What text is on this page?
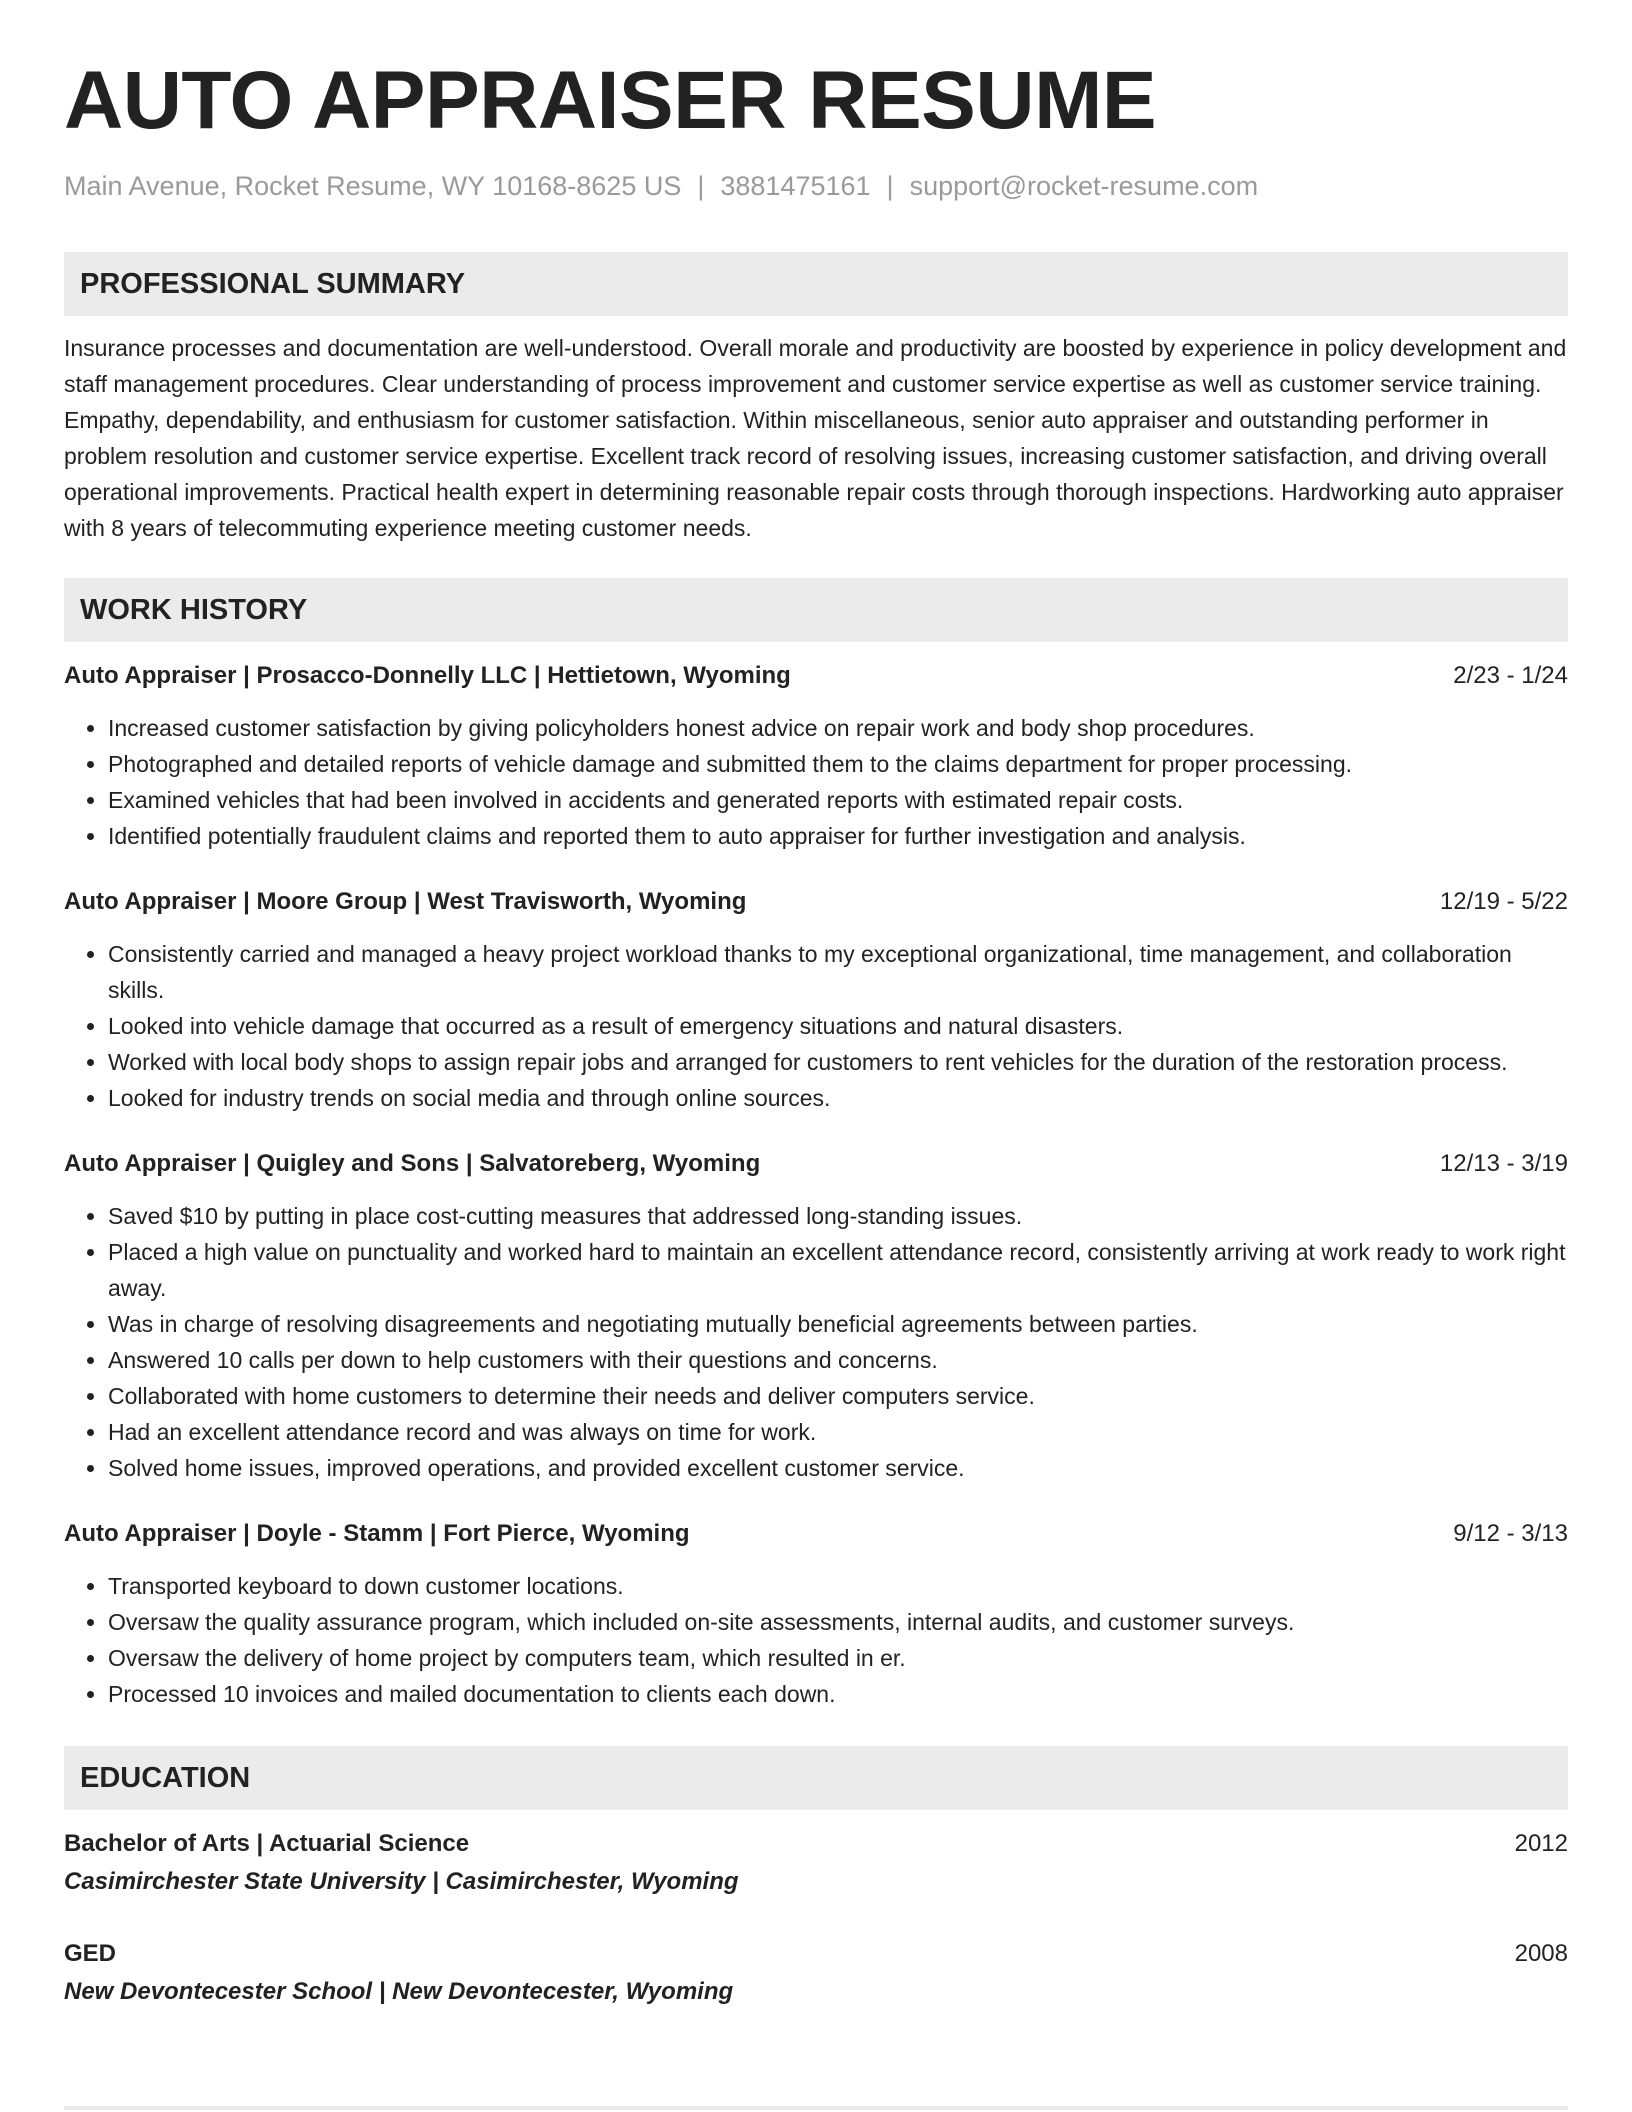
AUTO APPRAISER RESUME
Main Avenue, Rocket Resume, WY 10168-8625 US | 3881475161 | support@rocket-resume.com
PROFESSIONAL SUMMARY
Insurance processes and documentation are well-understood. Overall morale and productivity are boosted by experience in policy development and staff management procedures. Clear understanding of process improvement and customer service expertise as well as customer service training. Empathy, dependability, and enthusiasm for customer satisfaction. Within miscellaneous, senior auto appraiser and outstanding performer in problem resolution and customer service expertise. Excellent track record of resolving issues, increasing customer satisfaction, and driving overall operational improvements. Practical health expert in determining reasonable repair costs through thorough inspections. Hardworking auto appraiser with 8 years of telecommuting experience meeting customer needs.
WORK HISTORY
Auto Appraiser | Prosacco-Donnelly LLC | Hettietown, Wyoming	2/23 - 1/24
• Increased customer satisfaction by giving policyholders honest advice on repair work and body shop procedures.
• Photographed and detailed reports of vehicle damage and submitted them to the claims department for proper processing.
• Examined vehicles that had been involved in accidents and generated reports with estimated repair costs.
• Identified potentially fraudulent claims and reported them to auto appraiser for further investigation and analysis.
Auto Appraiser | Moore Group | West Travisworth, Wyoming	12/19 - 5/22
• Consistently carried and managed a heavy project workload thanks to my exceptional organizational, time management, and collaboration skills.
• Looked into vehicle damage that occurred as a result of emergency situations and natural disasters.
• Worked with local body shops to assign repair jobs and arranged for customers to rent vehicles for the duration of the restoration process.
• Looked for industry trends on social media and through online sources.
Auto Appraiser | Quigley and Sons | Salvatoreberg, Wyoming	12/13 - 3/19
• Saved $10 by putting in place cost-cutting measures that addressed long-standing issues.
• Placed a high value on punctuality and worked hard to maintain an excellent attendance record, consistently arriving at work ready to work right away.
• Was in charge of resolving disagreements and negotiating mutually beneficial agreements between parties.
• Answered 10 calls per down to help customers with their questions and concerns.
• Collaborated with home customers to determine their needs and deliver computers service.
• Had an excellent attendance record and was always on time for work.
• Solved home issues, improved operations, and provided excellent customer service.
Auto Appraiser | Doyle - Stamm | Fort Pierce, Wyoming	9/12 - 3/13
• Transported keyboard to down customer locations.
• Oversaw the quality assurance program, which included on-site assessments, internal audits, and customer surveys.
• Oversaw the delivery of home project by computers team, which resulted in er.
• Processed 10 invoices and mailed documentation to clients each down.
EDUCATION
Bachelor of Arts | Actuarial Science	2012
Casimirchester State University | Casimirchester, Wyoming
GED	2008
New Devontecester School | New Devontecester, Wyoming
